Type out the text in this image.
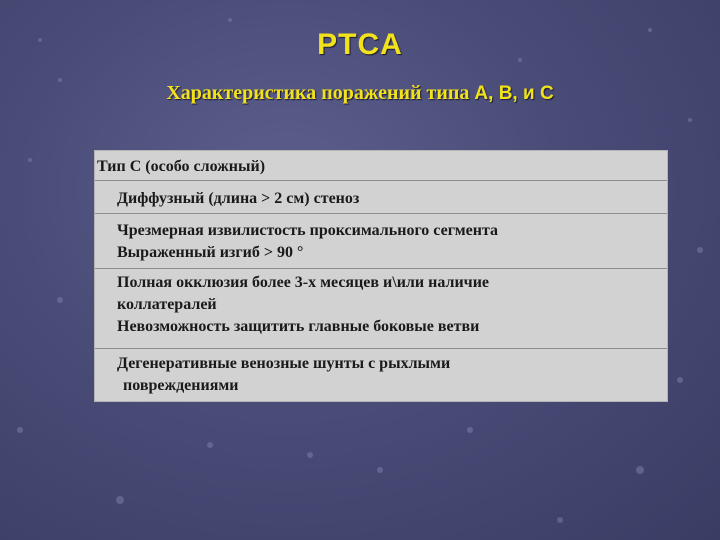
PTCA
Характеристика поражений типа A, B, и C
Тип С (особо сложный)
Диффузный (длина > 2 см) стеноз
Чрезмерная извилистость проксимального сегмента
Выраженный изгиб > 90 °
Полная окклюзия более 3-х месяцев и\или наличие
коллатералей
Невозможность защитить главные боковые ветви
Дегенеративные венозные шунты с рыхлыми
повреждениями
